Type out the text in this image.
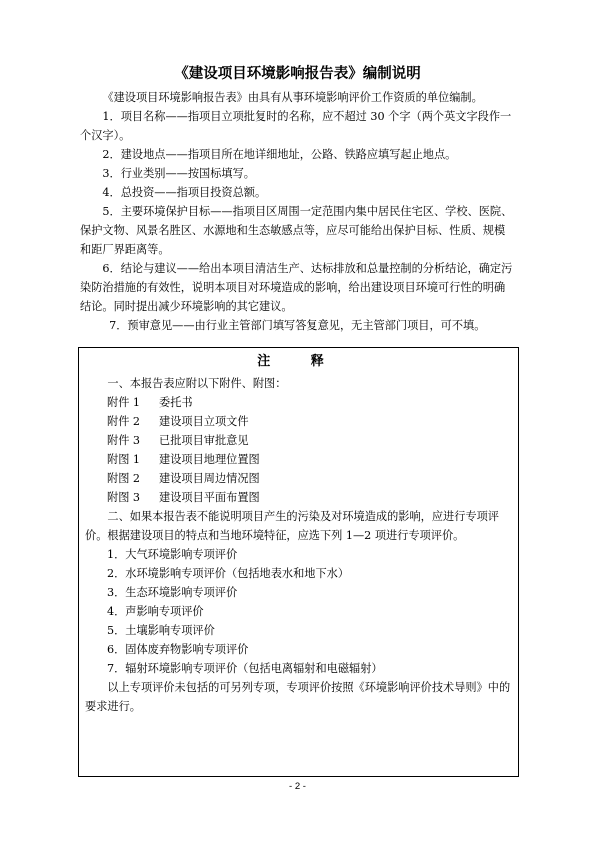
《建设项目环境影响报告表》编制说明

《建设项目环境影响报告表》由具有从事环境影响评价工作资质的单位编制。

1．项目名称——指项目立项批复时的名称，应不超过 30 个字（两个英文字段作一个汉字）。

2．建设地点——指项目所在地详细地址，公路、铁路应填写起止地点。

3．行业类别——按国标填写。

4．总投资——指项目投资总额。

5．主要环境保护目标——指项目区周围一定范围内集中居民住宅区、学校、医院、保护文物、风景名胜区、水源地和生态敏感点等，应尽可能给出保护目标、性质、规模和距厂界距离等。

6．结论与建议——给出本项目清洁生产、达标排放和总量控制的分析结论，确定污染防治措施的有效性，说明本项目对环境造成的影响，给出建设项目环境可行性的明确结论。同时提出减少环境影响的其它建议。

7．预审意见——由行业主管部门填写答复意见，无主管部门项目，可不填。

注 释

一、本报告表应附以下附件、附图：

附件 1	委托书
附件 2	建设项目立项文件
附件 3	已批项目审批意见
附图 1	建设项目地理位置图
附图 2	建设项目周边情况图
附图 3	建设项目平面布置图

二、如果本报告表不能说明项目产生的污染及对环境造成的影响，应进行专项评价。根据建设项目的特点和当地环境特征，应选下列 1—2 项进行专项评价。

1．大气环境影响专项评价

2．水环境影响专项评价（包括地表水和地下水）

3．生态环境影响专项评价

4．声影响专项评价

5．土壤影响专项评价

6．固体废弃物影响专项评价

7．辐射环境影响专项评价（包括电离辐射和电磁辐射）

以上专项评价未包括的可另列专项，专项评价按照《环境影响评价技术导则》中的要求进行。

- 2 -
